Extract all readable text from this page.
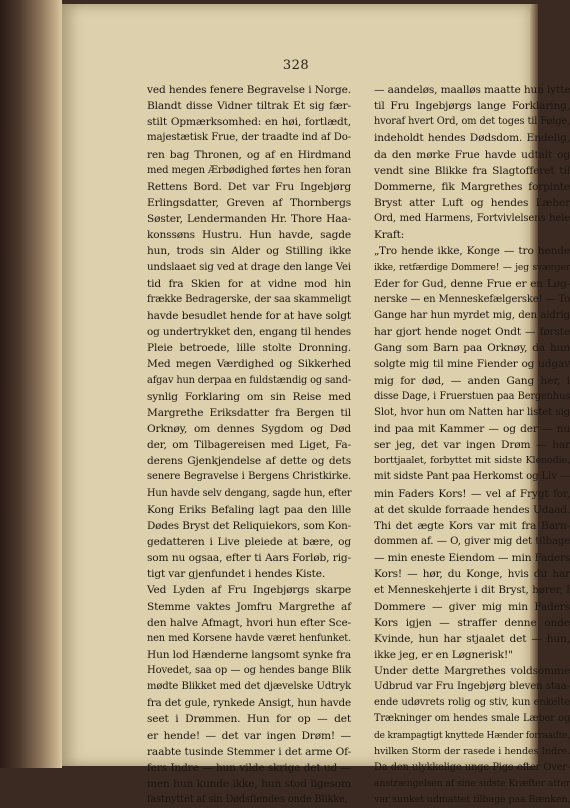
328
ved hendes fenere Begravelse i Norge.
Blandt disse Vidner tiltrak Et sig fær-
stilt Opmærksomhed: en høi, fortlædt,
majestætisk Frue, der traadte ind af Do-
ren bag Thronen, og af en Hirdmand
med megen Ærbødighed førtes hen foran
Rettens Bord. Det var Fru Ingebjørg
Erlingsdatter, Greven af Thornbergs
Søster, Lendermanden Hr. Thore Haa-
konssøns Hustru. Hun havde, sagde
hun, trods sin Alder og Stilling ikke
undslaaet sig ved at drage den lange Vei
tid fra Skien for at vidne mod hin
frække Bedragerske, der saa skammeligt
havde besudlet hende for at have solgt
og undertrykket den, engang til hendes
Pleie betroede, lille stolte Dronning.
Med megen Værdighed og Sikkerhed
afgav hun derpaa en fuldstændig og sand-
synlig Forklaring om sin Reise med
Margrethe Eriksdatter fra Bergen til
Orknøy, om dennes Sygdom og Død
der, om Tilbagereisen med Liget, Fa-
derens Gjenkjendelse af dette og dets
senere Begravelse i Bergens Christkirke.
Hun havde selv dengang, sagde hun, efter
Kong Eriks Befaling lagt paa den lille
Dødes Bryst det Reliquiekors, som Kon-
gedatteren i Live pleiede at bære, og
som nu ogsaa, efter ti Aars Forløb, rig-
tigt var gjenfundet i hendes Kiste.
Ved Lyden af Fru Ingebjørgs skarpe
Stemme vaktes Jomfru Margrethe af
den halve Afmagt, hvori hun efter Sce-
nen med Korsene havde været henfunket.
Hun lod Hænderne langsomt synke fra
Hovedet, saa op — og hendes bange Blik
mødte Blikket med det djævelske Udtryk
fra det gule, rynkede Ansigt, hun havde
seet i Drømmen. Hun for op — det
er hende! — det var ingen Drøm! —
raabte tusinde Stemmer i det arme Of-
fers Indre — hun vilde skrige det ud —
men hun kunde ikke, hun stod ligesom
fastnyttet af sin Dødsfiendes onde Blikke,
— aandeløs, maalløs maatte hun lytte
til Fru Ingebjørgs lange Forklaring,
hvoraf hvert Ord, om det toges til Følge,
indeholdt hendes Dødsdom. Endelig,
da den mørke Frue havde udtalt og
vendt sine Blikke fra Slagtofferet til
Dommerne, fik Margrethes forpinte
Bryst atter Luft og hendes Læber
Ord, med Harmens, Fortvivlelsens hele
Kraft:
„Tro hende ikke, Konge — tro hende
ikke, retfærdige Dommere! — jeg sværger
Eder for Gud, denne Frue er en Løg-
nerske — en Menneskefælgerske! — To
Gange har hun myrdet mig, den aldrig
har gjort hende noget Ondt — første
Gang som Barn paa Orknøy, da hun
solgte mig til mine Fiender og udgav
mig for død, — anden Gang her, i
disse Dage, i Fruerstuen paa Bergenhus
Slot, hvor hun om Natten har listet sig
ind paa mit Kammer — og der — nu
ser jeg, det var ingen Drøm — har
borttjaalet, forbyttet mit sidste Klenodie,
mit sidste Pant paa Herkomst og Liv —
min Faders Kors! — vel af Frygt for,
at det skulde forraade hendes Udaad.
Thi det ægte Kors var mit fra Barn-
dommen af. — O, giver mig det tilbage
— min eneste Eiendom — min Faders
Kors! — hør, du Konge, hvis du har
et Menneskehjerte i dit Bryst, hører, I
Dommere — giver mig min Faders
Kors igjen — straffer denne onde
Kvinde, hun har stjaalet det — hun,
ikke jeg, er en Løgnerisk!"
Under dette Margrethes voldsomme
Udbrud var Fru Ingebjørg bleven staa-
ende udøvrets rolig og stiv, kun enkelte
Trækninger om hendes smale Læber og
de krampagtigt knyttede Hænder forraadte,
hvilken Storm der rasede i hendes Indre.
Da den ulykkelige unge Pige efter Over-
anstrængelsen af sine sidste Kræfter atter
var sunket udmattet tilbage paa Bænken,
